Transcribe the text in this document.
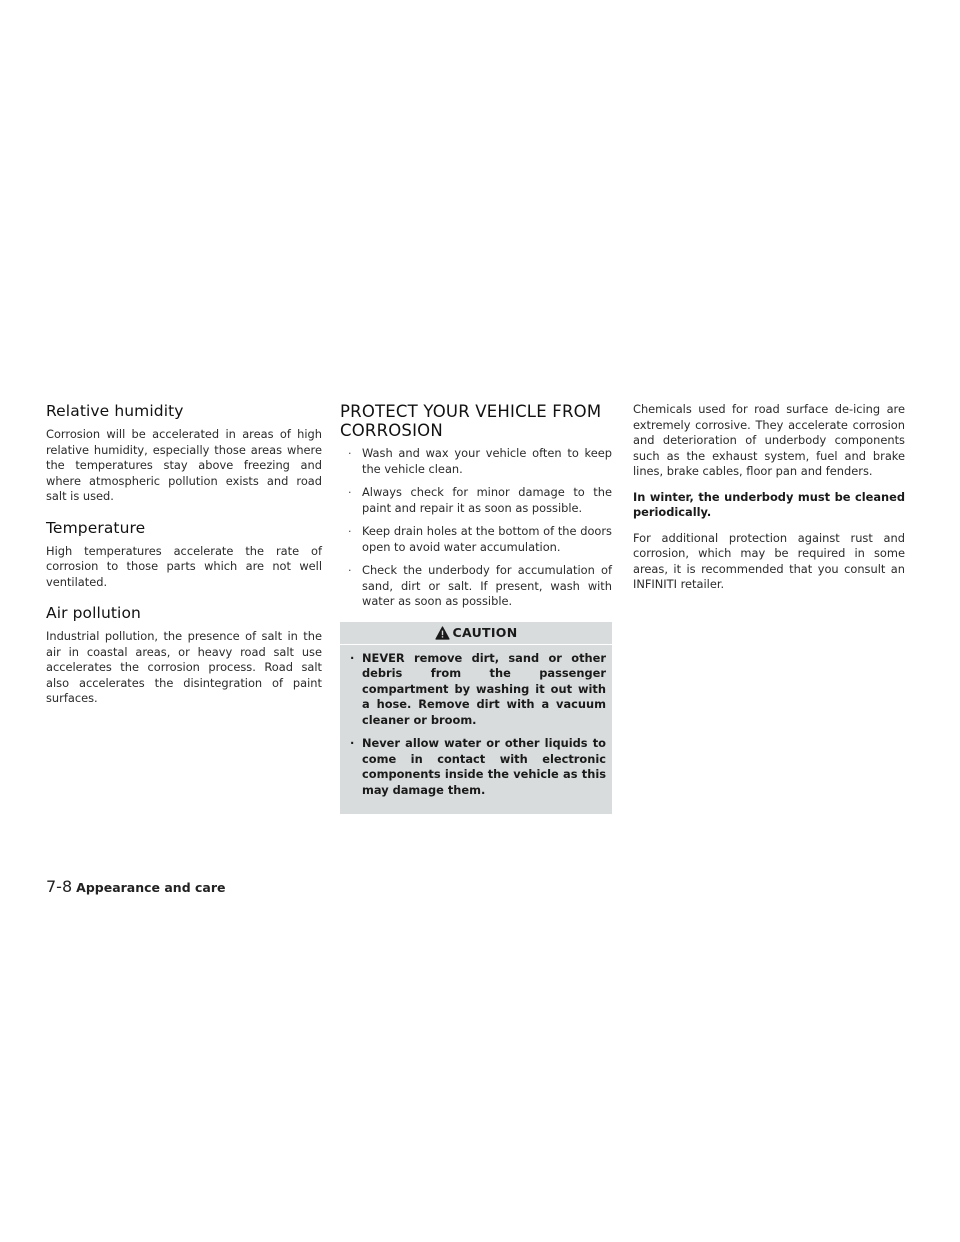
Relative humidity

Corrosion will be accelerated in areas of high relative humidity, especially those areas where the temperatures stay above freezing and where atmospheric pollution exists and road salt is used.

Temperature

High temperatures accelerate the rate of corrosion to those parts which are not well ventilated.

Air pollution

Industrial pollution, the presence of salt in the air in coastal areas, or heavy road salt use accelerates the corrosion process. Road salt also accelerates the disintegration of paint surfaces.

PROTECT YOUR VEHICLE FROM CORROSION
· Wash and wax your vehicle often to keep the vehicle clean.
· Always check for minor damage to the paint and repair it as soon as possible.
· Keep drain holes at the bottom of the doors open to avoid water accumulation.
· Check the underbody for accumulation of sand, dirt or salt. If present, wash with water as soon as possible.
CAUTION
· NEVER remove dirt, sand or other debris from the passenger compartment by washing it out with a hose. Remove dirt with a vacuum cleaner or broom.
· Never allow water or other liquids to come in contact with electronic components inside the vehicle as this may damage them.

Chemicals used for road surface de-icing are extremely corrosive. They accelerate corrosion and deterioration of underbody components such as the exhaust system, fuel and brake lines, brake cables, floor pan and fenders.

In winter, the underbody must be cleaned periodically.

For additional protection against rust and corrosion, which may be required in some areas, it is recommended that you consult an INFINITI retailer.

7-8 Appearance and care
